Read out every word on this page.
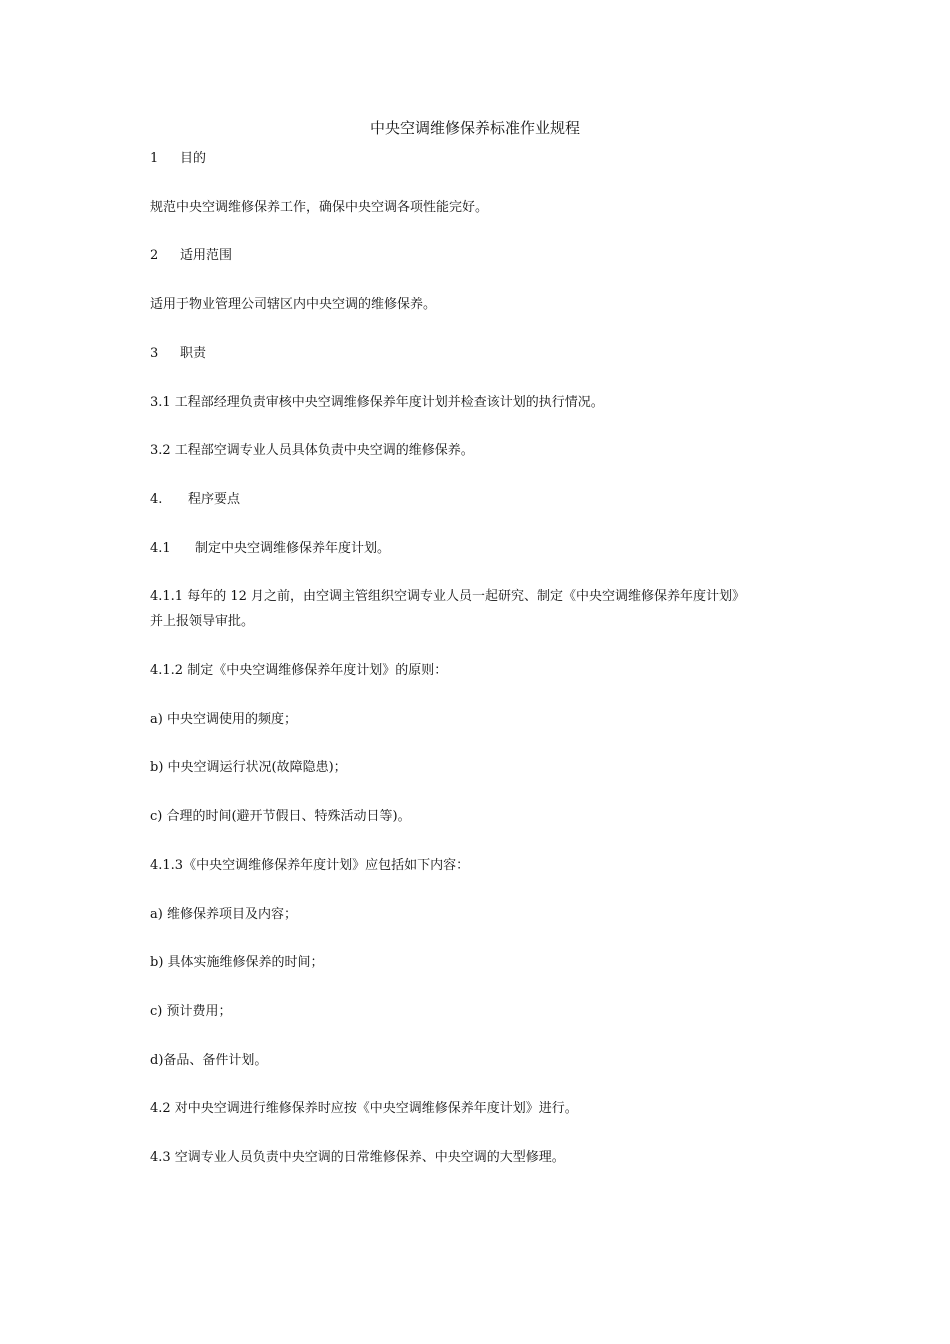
中央空调维修保养标准作业规程
1 目的
规范中央空调维修保养工作，确保中央空调各项性能完好。
2 适用范围
适用于物业管理公司辖区内中央空调的维修保养。
3 职责
3.1 工程部经理负责审核中央空调维修保养年度计划并检查该计划的执行情况。
3.2 工程部空调专业人员具体负责中央空调的维修保养。
4. 程序要点
4.1 制定中央空调维修保养年度计划。
4.1.1 每年的 12 月之前，由空调主管组织空调专业人员一起研究、制定《中央空调维修保养年度计划》
并上报领导审批。
4.1.2 制定《中央空调维修保养年度计划》的原则：
a) 中央空调使用的频度；
b) 中央空调运行状况(故障隐患)；
c) 合理的时间(避开节假日、特殊活动日等)。
4.1.3《中央空调维修保养年度计划》应包括如下内容：
a) 维修保养项目及内容；
b) 具体实施维修保养的时间；
c) 预计费用；
d)备品、备件计划。
4.2 对中央空调进行维修保养时应按《中央空调维修保养年度计划》进行。
4.3 空调专业人员负责中央空调的日常维修保养、中央空调的大型修理。
